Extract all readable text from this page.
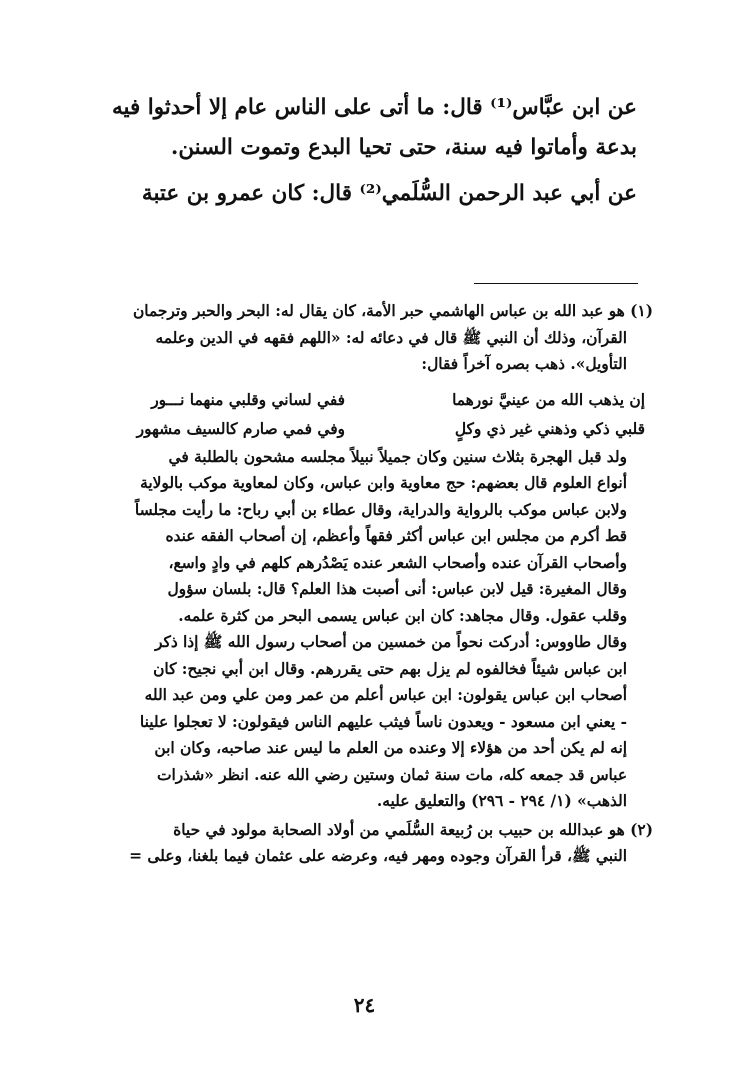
عن ابن عبَّاس⁽¹⁾ قال: ما أتى على الناس عام إلا أحدثوا فيه

بدعة وأماتوا فيه سنة، حتى تحيا البدع وتموت السنن.

عن أبي عبد الرحمن السُّلَمي⁽²⁾ قال: كان عمرو بن عتبة

(١) هو عبد الله بن عباس الهاشمي حبر الأمة، كان يقال له: البحر والحبر وترجمان
القرآن، وذلك أن النبي ﷺ قال في دعائه له: «اللهم فقهه في الدين وعلمه
التأويل». ذهب بصره آخراً فقال:
إن يذهب الله من عينيَّ نورهما
ففي لساني وقلبي منهما نـــور
قلبي ذكي وذهني غير ذي وكلٍ
وفي فمي صارم كالسيف مشهور
ولد قبل الهجرة بثلاث سنين وكان جميلاً نبيلاً مجلسه مشحون بالطلبة في
أنواع العلوم قال بعضهم: حج معاوية وابن عباس، وكان لمعاوية موكب بالولاية
ولابن عباس موكب بالرواية والدراية، وقال عطاء بن أبي رباح: ما رأيت مجلساً
قط أكرم من مجلس ابن عباس أكثر فقهاً وأعظم، إن أصحاب الفقه عنده
وأصحاب القرآن عنده وأصحاب الشعر عنده يَصْدُرهم كلهم في وادٍ واسع،
وقال المغيرة: قيل لابن عباس: أنى أصبت هذا العلم؟ قال: بلسان سؤول
وقلب عقول. وقال مجاهد: كان ابن عباس يسمى البحر من كثرة علمه.
وقال طاووس: أدركت نحواً من خمسين من أصحاب رسول الله ﷺ إذا ذكر
ابن عباس شيئاً فخالفوه لم يزل بهم حتى يقررهم. وقال ابن أبي نجيح: كان
أصحاب ابن عباس يقولون: ابن عباس أعلم من عمر ومن علي ومن عبد الله
- يعني ابن مسعود - ويعدون ناساً فيثب عليهم الناس فيقولون: لا تعجلوا علينا
إنه لم يكن أحد من هؤلاء إلا وعنده من العلم ما ليس عند صاحبه، وكان ابن
عباس قد جمعه كله، مات سنة ثمان وستين رضي الله عنه. انظر «شذرات
الذهب» (١/ ٢٩٤ - ٢٩٦) والتعليق عليه.
(٢) هو عبدالله بن حبيب بن رُبيعة السُّلَمي من أولاد الصحابة مولود في حياة
النبي ﷺ، قرأ القرآن وجوده ومهر فيه، وعرضه على عثمان فيما بلغنا، وعلى =
٢٤
